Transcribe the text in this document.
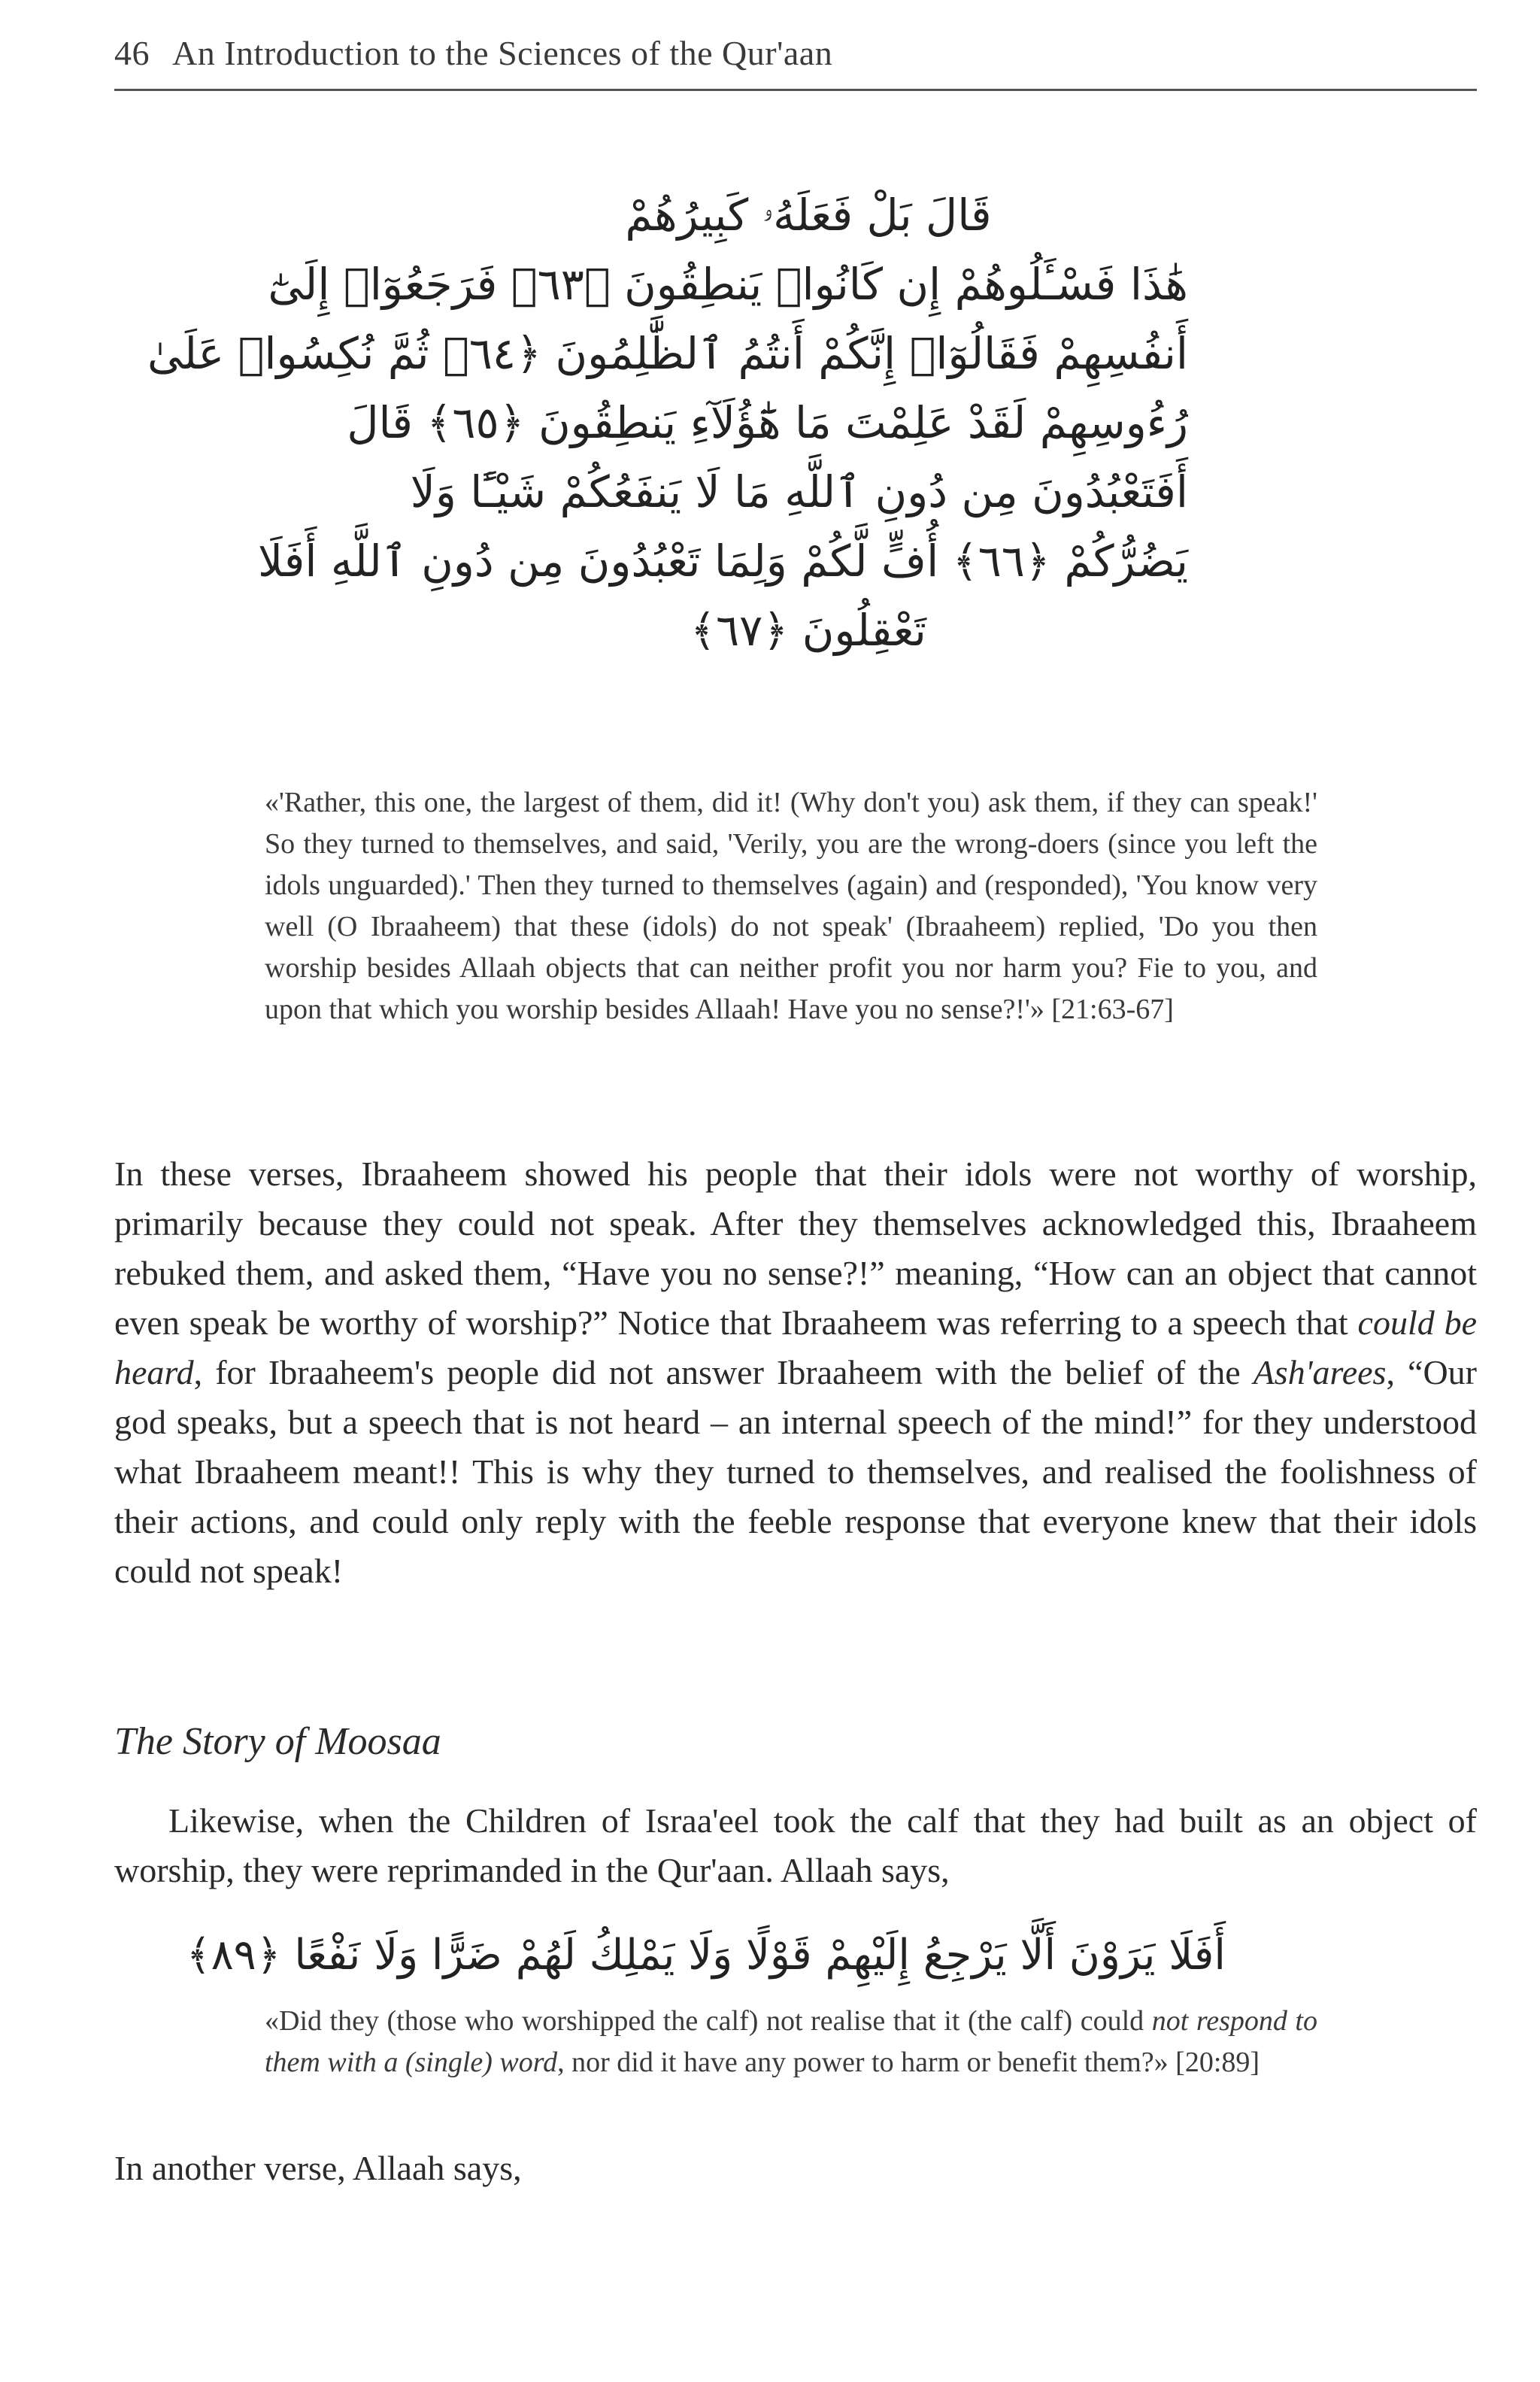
46 An Introduction to the Sciences of the Qur'aan
قَالَ بَلْ فَعَلَهُۥ كَبِيرُهُمْ
هَٰذَا فَسْـَٔلُوهُمْ إِن كَانُوا۟ يَنطِقُونَ ﴿٦٣﴾ فَرَجَعُوٓا۟ إِلَىٰٓ
أَنفُسِهِمْ فَقَالُوٓا۟ إِنَّكُمْ أَنتُمُ ٱلظَّٰلِمُونَ ﴿٦٤﴾ ثُمَّ نُكِسُوا۟ عَلَىٰ
رُءُوسِهِمْ لَقَدْ عَلِمْتَ مَا هَٰٓؤُلَآءِ يَنطِقُونَ ﴿٦٥﴾ قَالَ
أَفَتَعْبُدُونَ مِن دُونِ ٱللَّهِ مَا لَا يَنفَعُكُمْ شَيْـًٔا وَلَا
يَضُرُّكُمْ ﴿٦٦﴾ أُفٍّ لَّكُمْ وَلِمَا تَعْبُدُونَ مِن دُونِ ٱللَّهِ أَفَلَا
تَعْقِلُونَ ﴿٦٧﴾
«'Rather, this one, the largest of them, did it! (Why don't you) ask them, if they can speak!' So they turned to themselves, and said, 'Verily, you are the wrong-doers (since you left the idols unguarded).' Then they turned to themselves (again) and (responded), 'You know very well (O Ibraaheem) that these (idols) do not speak' (Ibraaheem) replied, 'Do you then worship besides Allaah objects that can neither profit you nor harm you? Fie to you, and upon that which you worship besides Allaah! Have you no sense?!'» [21:63-67]
In these verses, Ibraaheem showed his people that their idols were not worthy of worship, primarily because they could not speak. After they themselves acknowledged this, Ibraaheem rebuked them, and asked them, “Have you no sense?!” meaning, “How can an object that cannot even speak be worthy of worship?” Notice that Ibraaheem was referring to a speech that could be heard, for Ibraaheem's people did not answer Ibraaheem with the belief of the Ash'arees, “Our god speaks, but a speech that is not heard – an internal speech of the mind!” for they understood what Ibraaheem meant!! This is why they turned to themselves, and realised the foolishness of their actions, and could only reply with the feeble response that everyone knew that their idols could not speak!
The Story of Moosaa
Likewise, when the Children of Israa'eel took the calf that they had built as an object of worship, they were reprimanded in the Qur'aan. Allaah says,
أَفَلَا يَرَوْنَ أَلَّا يَرْجِعُ إِلَيْهِمْ قَوْلًا وَلَا يَمْلِكُ لَهُمْ ضَرًّا وَلَا نَفْعًا ﴿٨٩﴾
«Did they (those who worshipped the calf) not realise that it (the calf) could not respond to them with a (single) word, nor did it have any power to harm or benefit them?» [20:89]
In another verse, Allaah says,
